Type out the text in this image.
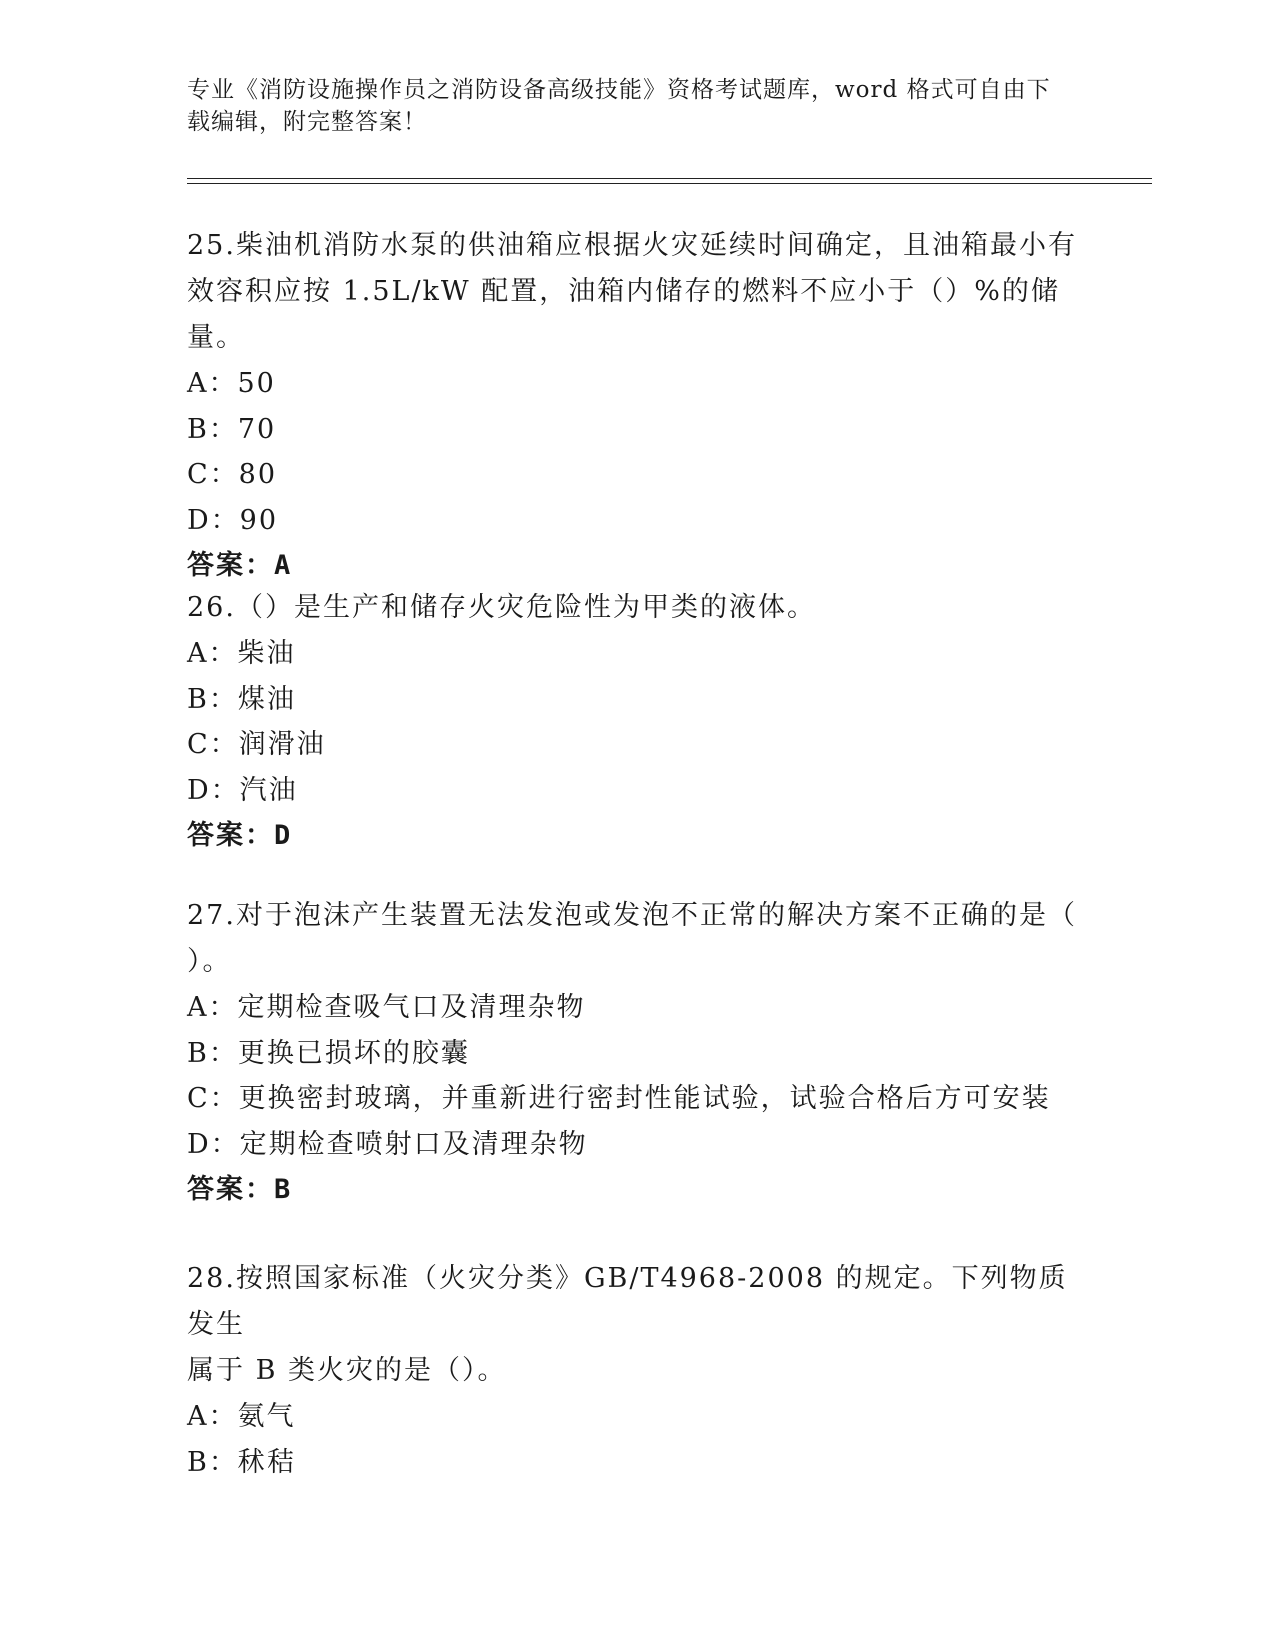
专业《消防设施操作员之消防设备高级技能》资格考试题库，word 格式可自由下
载编辑，附完整答案！
25.柴油机消防水泵的供油箱应根据火灾延续时间确定，且油箱最小有
效容积应按 1.5L/kW 配置，油箱内储存的燃料不应小于（）%的储量。
A：50
B：70
C：80
D：90
答案：A
26.（）是生产和储存火灾危险性为甲类的液体。
A：柴油
B：煤油
C：润滑油
D：汽油
答案：D
27.对于泡沫产生装置无法发泡或发泡不正常的解决方案不正确的是（
）。
A：定期检查吸气口及清理杂物
B：更换已损坏的胶囊
C：更换密封玻璃，并重新进行密封性能试验，试验合格后方可安装
D：定期检查喷射口及清理杂物
答案：B
28.按照国家标准（火灾分类》GB/T4968-2008 的规定。下列物质发生
属于 B 类火灾的是（）。
A：氨气
B：秫秸
